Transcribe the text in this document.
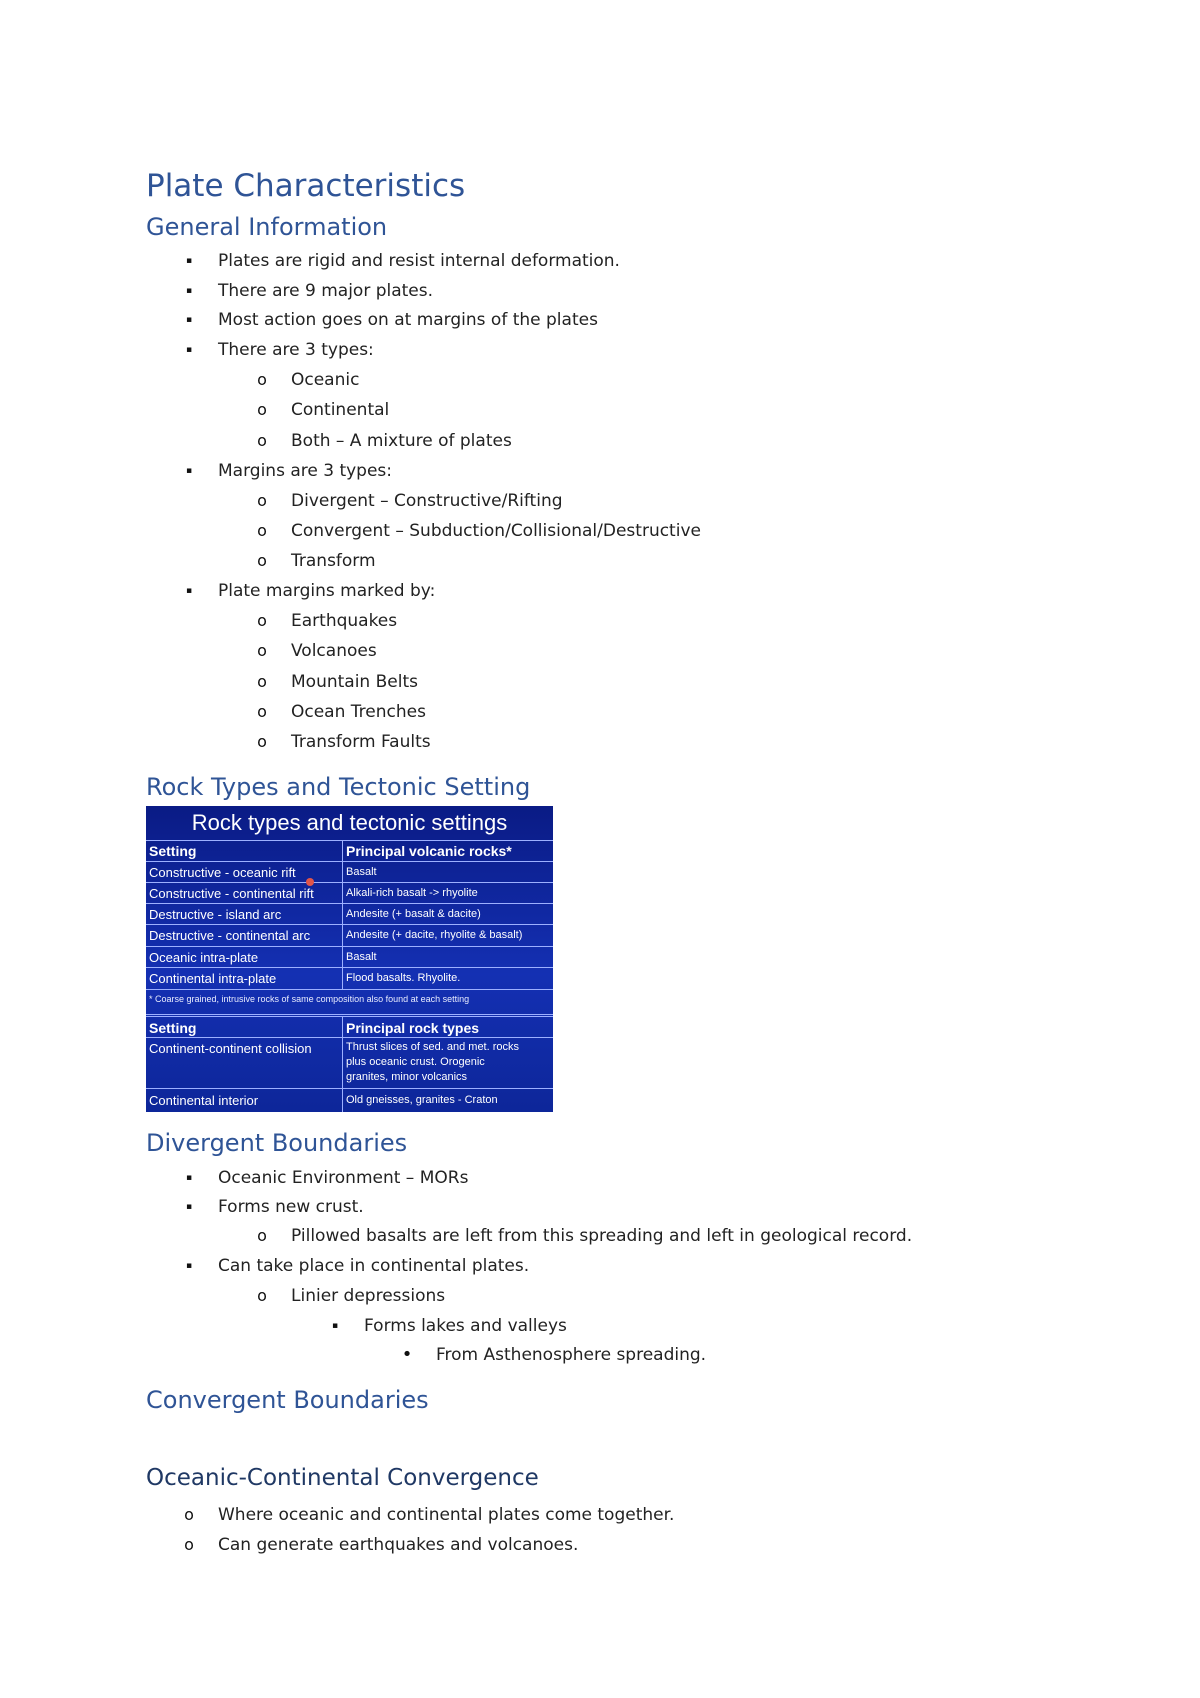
Plate Characteristics
General Information
▪ Plates are rigid and resist internal deformation.
▪ There are 9 major plates.
▪ Most action goes on at margins of the plates
▪ There are 3 types:
o Oceanic
o Continental
o Both – A mixture of plates
▪ Margins are 3 types:
o Divergent – Constructive/Rifting
o Convergent – Subduction/Collisional/Destructive
o Transform
▪ Plate margins marked by:
o Earthquakes
o Volcanoes
o Mountain Belts
o Ocean Trenches
o Transform Faults
Rock Types and Tectonic Setting
Rock types and tectonic settings
Setting	Principal volcanic rocks*
Constructive - oceanic rift	Basalt
Constructive - continental rift	Alkali-rich basalt -> rhyolite
Destructive - island arc	Andesite (+ basalt & dacite)
Destructive - continental arc	Andesite (+ dacite, rhyolite & basalt)
Oceanic intra-plate	Basalt
Continental intra-plate	Flood basalts. Rhyolite.
* Coarse grained, intrusive rocks of same composition also found at each setting
Setting	Principal rock types
Continent-continent collision	Thrust slices of sed. and met. rocks
plus oceanic crust. Orogenic
granites, minor volcanics
Continental interior	Old gneisses, granites - Craton
Divergent Boundaries
▪ Oceanic Environment – MORs
▪ Forms new crust.
o Pillowed basalts are left from this spreading and left in geological record.
▪ Can take place in continental plates.
o Linier depressions
▪ Forms lakes and valleys
• From Asthenosphere spreading.
Convergent Boundaries
Oceanic-Continental Convergence
o Where oceanic and continental plates come together.
o Can generate earthquakes and volcanoes.
